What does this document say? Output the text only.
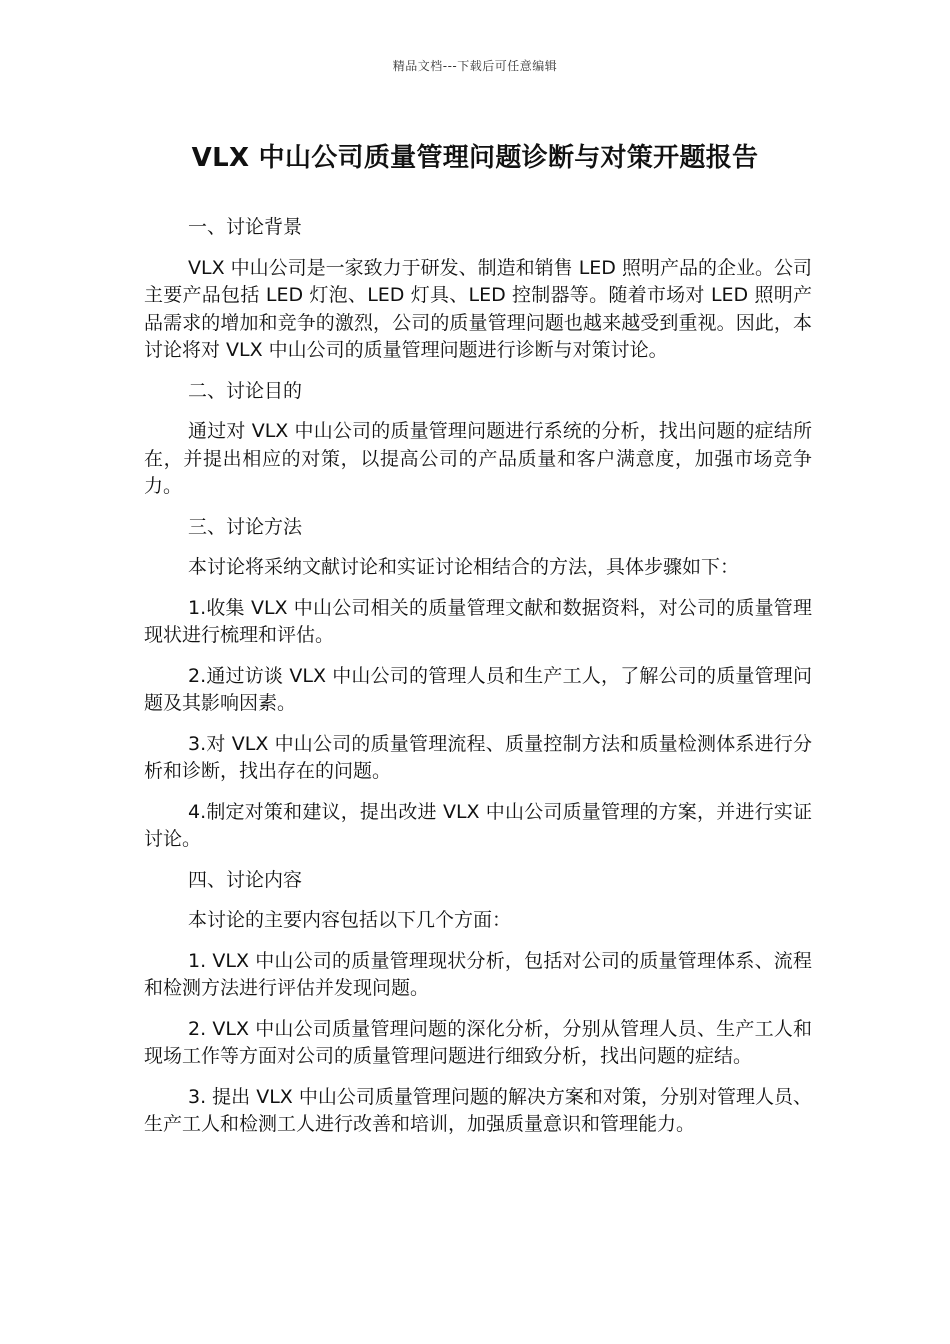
精品文档---下载后可任意编辑
VLX 中山公司质量管理问题诊断与对策开题报告

一、讨论背景

VLX 中山公司是一家致力于研发、制造和销售 LED 照明产品的企业。公司主要产品包括 LED 灯泡、LED 灯具、LED 控制器等。随着市场对 LED 照明产品需求的增加和竞争的激烈，公司的质量管理问题也越来越受到重视。因此，本讨论将对 VLX 中山公司的质量管理问题进行诊断与对策讨论。

二、讨论目的

通过对 VLX 中山公司的质量管理问题进行系统的分析，找出问题的症结所在，并提出相应的对策，以提高公司的产品质量和客户满意度，加强市场竞争力。

三、讨论方法

本讨论将采纳文献讨论和实证讨论相结合的方法，具体步骤如下：

1.收集 VLX 中山公司相关的质量管理文献和数据资料，对公司的质量管理现状进行梳理和评估。

2.通过访谈 VLX 中山公司的管理人员和生产工人，了解公司的质量管理问题及其影响因素。

3.对 VLX 中山公司的质量管理流程、质量控制方法和质量检测体系进行分析和诊断，找出存在的问题。

4.制定对策和建议，提出改进 VLX 中山公司质量管理的方案，并进行实证讨论。

四、讨论内容

本讨论的主要内容包括以下几个方面：

1. VLX 中山公司的质量管理现状分析，包括对公司的质量管理体系、流程和检测方法进行评估并发现问题。

2. VLX 中山公司质量管理问题的深化分析，分别从管理人员、生产工人和现场工作等方面对公司的质量管理问题进行细致分析，找出问题的症结。

3. 提出 VLX 中山公司质量管理问题的解决方案和对策，分别对管理人员、生产工人和检测工人进行改善和培训，加强质量意识和管理能力。
